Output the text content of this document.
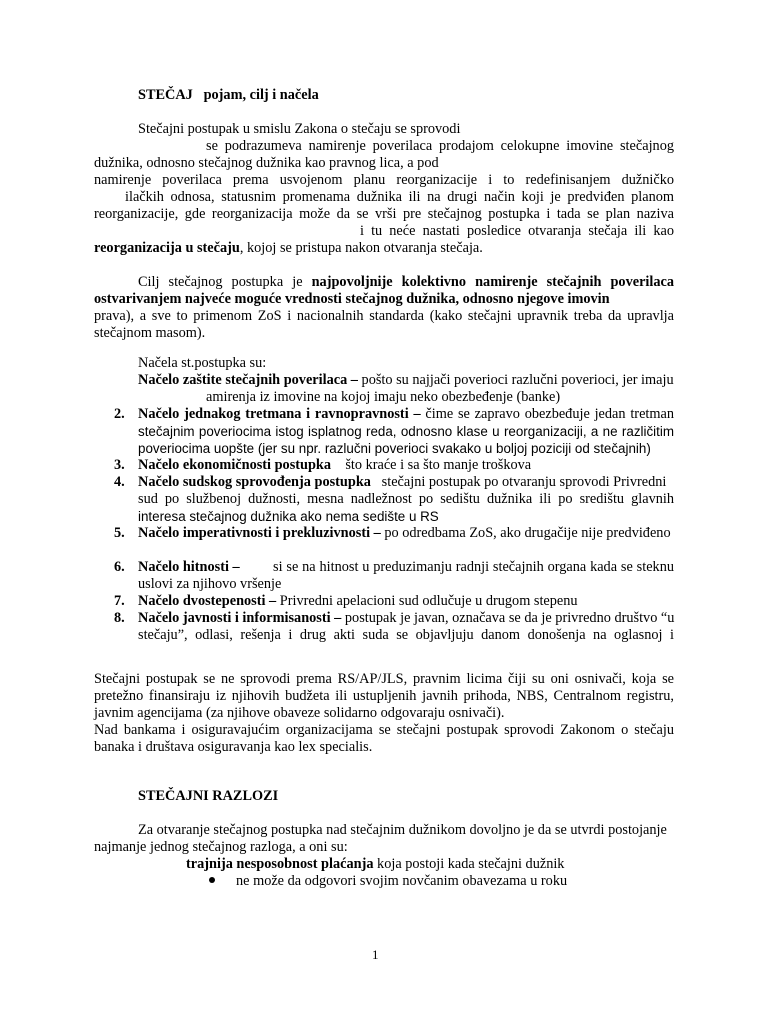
STEČAJ pojam, cilj i načela
Stečajni postupak u smislu Zakona o stečaju se sprovodi
se podrazumeva namirenje poverilaca prodajom celokupne imovine stečajnog
dužnika, odnosno stečajnog dužnika kao pravnog lica, a pod
namirenje poverilaca prema usvojenom planu reorganizacije i to redefinisanjem dužničko
ilačkih odnosa, statusnim promenama dužnika ili na drugi način koji je predviđen planom
reorganizacije, gde reorganizacija može da se vrši pre stečajnog postupka i tada se plan naziva
i tu neće nastati posledice otvaranja stečaja ili kao
reorganizacija u stečaju, kojoj se pristupa nakon otvaranja stečaja.
Cilj stečajnog postupka je najpovoljnije kolektivno namirenje stečajnih poverilaca
ostvarivanjem najveće moguće vrednosti stečajnog dužnika, odnosno njegove imovin
prava), a sve to primenom ZoS i nacionalnih standarda (kako stečajni upravnik treba da upravlja
stečajnom masom).
Načela st.postupka su:
Načelo zaštite stečajnih poverilaca – pošto su najjači poverioci razlučni poverioci, jer imaju
amirenja iz imovine na kojoj imaju neko obezbeđenje (banke)
2. Načelo jednakog tretmana i ravnopravnosti – čime se zapravo obezbeđuje jedan tretman
stečajnim poveriocima istog isplatnog reda, odnosno klase u reorganizaciji, a ne različitim
poveriocima uopšte (jer su npr. razlučni poverioci svakako u boljoj poziciji od stečajnih)
3. Načelo ekonomičnosti postupka što kraće i sa što manje troškova
4. Načelo sudskog sprovođenja postupka stečajni postupak po otvaranju sprovodi Privredni
sud po službenoj dužnosti, mesna nadležnost po sedištu dužnika ili po središtu glavnih
interesa stečajnog dužnika ako nema sedište u RS
5. Načelo imperativnosti i prekluzivnosti – po odredbama ZoS, ako drugačije nije predviđeno
6. Načelo hitnosti – si se na hitnost u preduzimanju radnji stečajnih organa kada se steknu
uslovi za njihovo vršenje
7. Načelo dvostepenosti – Privredni apelacioni sud odlučuje u drugom stepenu
8. Načelo javnosti i informisanosti – postupak je javan, označava se da je privredno društvo “u
stečaju”, odlasi, rešenja i drug akti suda se objavljuju danom donošenja na oglasnoj i
Stečajni postupak se ne sprovodi prema RS/AP/JLS, pravnim licima čiji su oni osnivači, koja se
pretežno finansiraju iz njihovih budžeta ili ustupljenih javnih prihoda, NBS, Centralnom registru,
javnim agencijama (za njihove obaveze solidarno odgovaraju osnivači).
Nad bankama i osiguravajućim organizacijama se stečajni postupak sprovodi Zakonom o stečaju
banaka i društava osiguravanja kao lex specialis.
STEČAJNI RAZLOZI
Za otvaranje stečajnog postupka nad stečajnim dužnikom dovoljno je da se utvrdi postojanje
najmanje jednog stečajnog razloga, a oni su:
trajnija nesposobnost plaćanja koja postoji kada stečajni dužnik
ne može da odgovori svojim novčanim obavezama u roku
1
